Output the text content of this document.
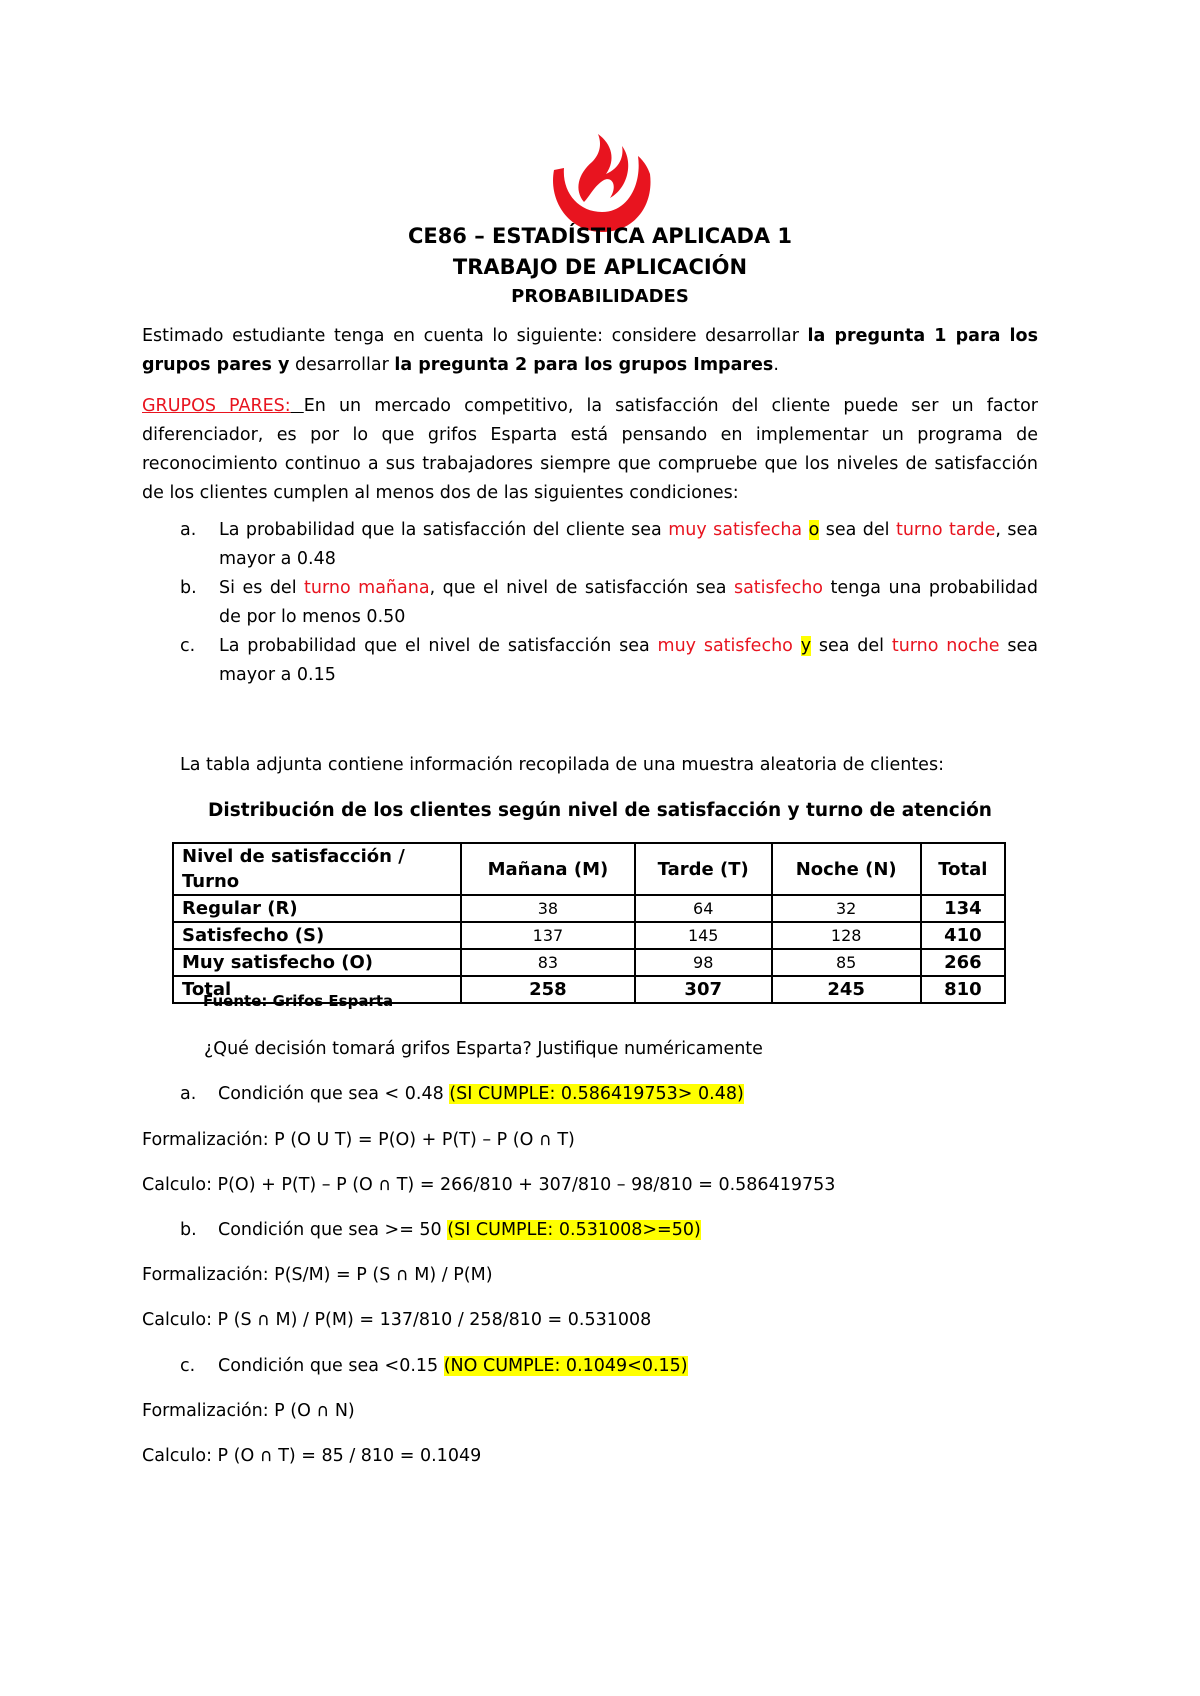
CE86 – ESTADÍSTICA APLICADA 1
TRABAJO DE APLICACIÓN
PROBABILIDADES
Estimado estudiante tenga en cuenta lo siguiente: considere desarrollar la pregunta 1 para los grupos pares y desarrollar la pregunta 2 para los grupos Impares.
GRUPOS PARES: En un mercado competitivo, la satisfacción del cliente puede ser un factor diferenciador, es por lo que grifos Esparta está pensando en implementar un programa de reconocimiento continuo a sus trabajadores siempre que compruebe que los niveles de satisfacción de los clientes cumplen al menos dos de las siguientes condiciones:
a. La probabilidad que la satisfacción del cliente sea muy satisfecha o sea del turno tarde, sea mayor a 0.48
b. Si es del turno mañana, que el nivel de satisfacción sea satisfecho tenga una probabilidad de por lo menos 0.50
c. La probabilidad que el nivel de satisfacción sea muy satisfecho y sea del turno noche sea mayor a 0.15
La tabla adjunta contiene información recopilada de una muestra aleatoria de clientes:
Distribución de los clientes según nivel de satisfacción y turno de atención
Nivel de satisfacción / Turno	Mañana (M)	Tarde (T)	Noche (N)	Total
Regular (R)	38	64	32	134
Satisfecho (S)	137	145	128	410
Muy satisfecho (O)	83	98	85	266
Total	258	307	245	810
Fuente: Grifos Esparta
¿Qué decisión tomará grifos Esparta? Justifique numéricamente
a. Condición que sea < 0.48 (SI CUMPLE: 0.586419753> 0.48)
Formalización: P (O U T) = P(O) + P(T) – P (O ∩ T)
Calculo: P(O) + P(T) – P (O ∩ T) = 266/810 + 307/810 – 98/810 = 0.586419753
b. Condición que sea >= 50 (SI CUMPLE: 0.531008>=50)
Formalización: P(S/M) = P (S ∩ M) / P(M)
Calculo: P (S ∩ M) / P(M) = 137/810 / 258/810 = 0.531008
c. Condición que sea <0.15 (NO CUMPLE: 0.1049<0.15)
Formalización: P (O ∩ N)
Calculo: P (O ∩ T) = 85 / 810 = 0.1049
